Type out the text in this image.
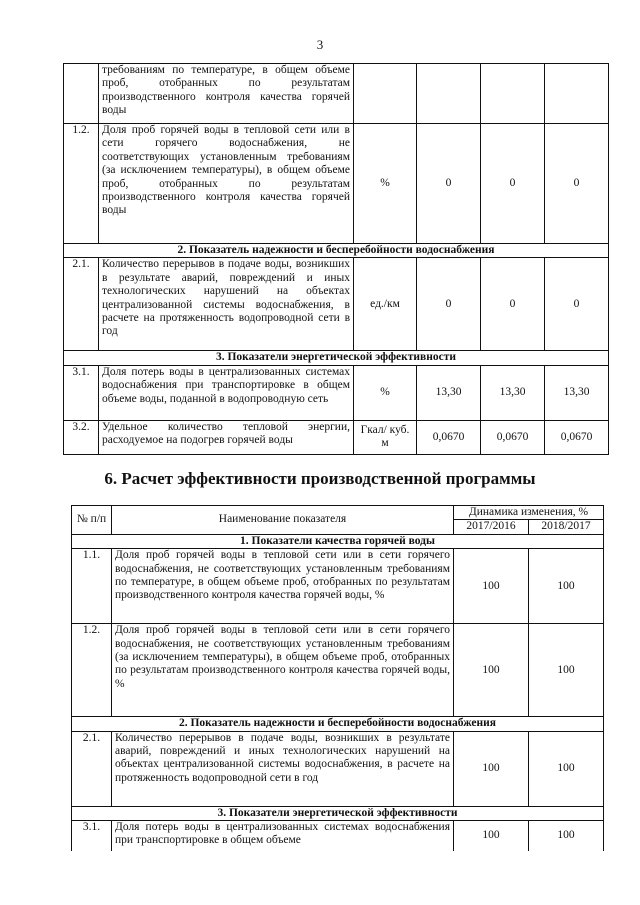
3
	требованиям по температуре, в общем объеме проб, отобранных по результатам производственного контроля качества горячей воды				
1.2.	Доля проб горячей воды в тепловой сети или в сети горячего водоснабжения, не соответствующих установленным требованиям (за исключением температуры), в общем объеме проб, отобранных по результатам производственного контроля качества горячей воды	%	0	0	0
2. Показатель надежности и бесперебойности водоснабжения					
2.1.	Количество перерывов в подаче воды, возникших в результате аварий, повреждений и иных технологических нарушений на объектах централизованной системы водоснабжения, в расчете на протяженность водопроводной сети в год	ед./км	0	0	0
3. Показатели энергетической эффективности					
3.1.	Доля потерь воды в централизованных системах водоснабжения при транспортировке в общем объеме воды, поданной в водопроводную сеть	%	13,30	13,30	13,30
3.2.	Удельное количество тепловой энергии, расходуемое на подогрев горячей воды	Гкал/ куб. м	0,0670	0,0670	0,0670
6. Расчет эффективности производственной программы
№ п/п	Наименование показателя	Динамика изменения, %	
		2017/2016	2018/2017
1. Показатели качества горячей воды			
1.1.	Доля проб горячей воды в тепловой сети или в сети горячего водоснабжения, не соответствующих установленным требованиям по температуре, в общем объеме проб, отобранных по результатам производственного контроля качества горячей воды, %	100	100
1.2.	Доля проб горячей воды в тепловой сети или в сети горячего водоснабжения, не соответствующих установленным требованиям (за исключением температуры), в общем объеме проб, отобранных по результатам производственного контроля качества горячей воды, %	100	100
2. Показатель надежности и бесперебойности водоснабжения			
2.1.	Количество перерывов в подаче воды, возникших в результате аварий, повреждений и иных технологических нарушений на объектах централизованной системы водоснабжения, в расчете на протяженность водопроводной сети в год	100	100
3. Показатели энергетической эффективности			
3.1.	Доля потерь воды в централизованных системах водоснабжения при транспортировке в общем объеме	100	100
